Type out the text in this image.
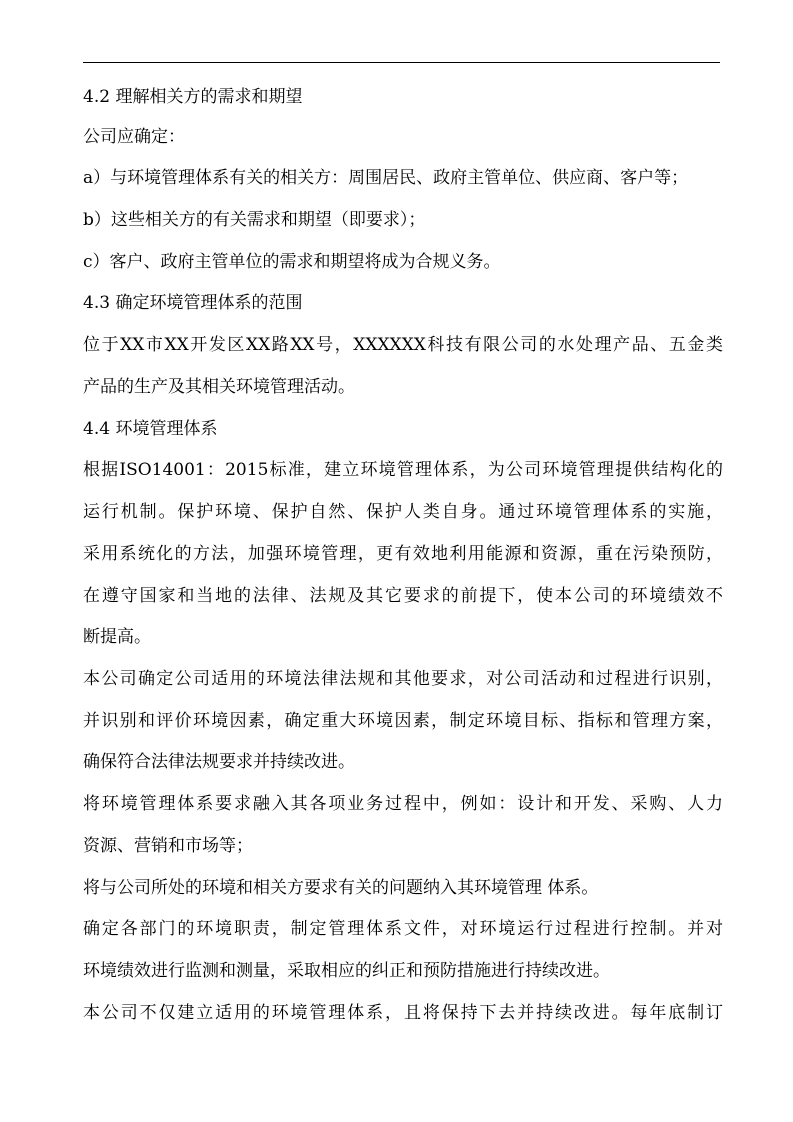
4.2 理解相关方的需求和期望
公司应确定：
a）与环境管理体系有关的相关方：周围居民、政府主管单位、供应商、客户等；
b）这些相关方的有关需求和期望（即要求）；
c）客户、政府主管单位的需求和期望将成为合规义务。
4.3 确定环境管理体系的范围
位于XX市XX开发区XX路XX号，XXXXXX科技有限公司的水处理产品、五金类
产品的生产及其相关环境管理活动。
4.4 环境管理体系
根据ISO14001：2015标准，建立环境管理体系，为公司环境管理提供结构化的
运行机制。保护环境、保护自然、保护人类自身。通过环境管理体系的实施，
采用系统化的方法，加强环境管理，更有效地利用能源和资源，重在污染预防，
在遵守国家和当地的法律、法规及其它要求的前提下，使本公司的环境绩效不
断提高。
本公司确定公司适用的环境法律法规和其他要求，对公司活动和过程进行识别，
并识别和评价环境因素，确定重大环境因素，制定环境目标、指标和管理方案，
确保符合法律法规要求并持续改进。
将环境管理体系要求融入其各项业务过程中，例如：设计和开发、采购、人力
资源、营销和市场等；
将与公司所处的环境和相关方要求有关的问题纳入其环境管理 体系。
确定各部门的环境职责，制定管理体系文件，对环境运行过程进行控制。并对
环境绩效进行监测和测量，采取相应的纠正和预防措施进行持续改进。
本公司不仅建立适用的环境管理体系，且将保持下去并持续改进。每年底制订
